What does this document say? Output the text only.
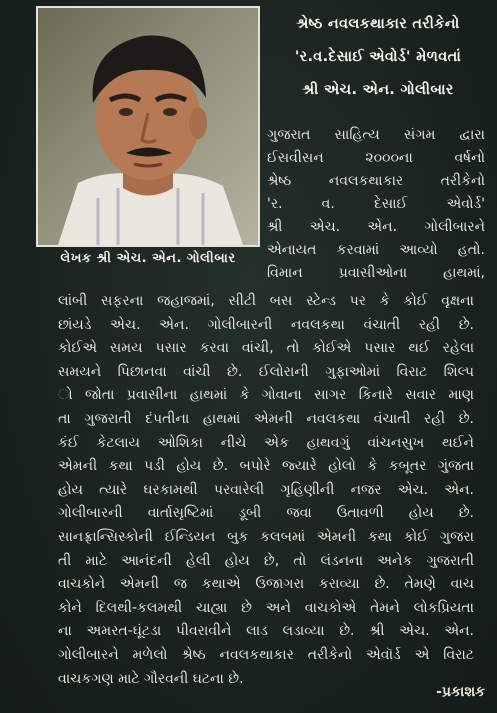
લેખક શ્રી એચ. એન. ગોલીબાર
શ્રેષ્ઠ નવલકથાકાર તરીકેનો
'ર.વ.દેસાઈ એવોર્ડ' મેળવતાં
શ્રી એચ. એન. ગોલીબાર
ગુજરાત સાહિત્ય સંગમ દ્વારા
ઈસવીસન ૨૦૦૦ના વર્ષનો
શ્રેષ્ઠ નવલકથાકાર તરીકેનો
'ર. વ. દેસાઈ એવોર્ડ'
શ્રી એચ. એન. ગોલીબારને
એનાયત કરવામાં આવ્યો હતો.
વિમાન પ્રવાસીઓના હાથમાં,
લાંબી સફરના જહાજમાં, સીટી બસ સ્ટેન્ડ પર કે કોઈ વૃક્ષના
છાંયડે એચ. એન. ગોલીબારની નવલકથા વંચાતી રહી છે.
કોઈએ સમય પસાર કરવા વાંચી, તો કોઈએ પસાર થઈ રહેલા
સમયને પિછાનવા વાંચી છે. ઈલોરાની ગુફાઓમાં વિરાટ શિલ્પ
ો જોતા પ્રવાસીના હાથમાં કે ગોવાના સાગર કિનારે સવાર માણ
તા ગુજરાતી દંપતીના હાથમાં એમની નવલકથા વંચાતી રહી છે.
કંઈ કેટલાય ઓશિકા નીચે એક હાથવગું વાંચનસુખ થઈને
એમની કથા પડી હોય છે. બપોરે જ્યારે હોલો કે કબૂતર ગુંજતા
હોય ત્યારે ઘરકામથી પરવારેલી ગૃહિણીની નજર એચ. એન.
ગોલીબારની વાર્તાસૃષ્ટિમાં ડૂબી જવા ઉતાવળી હોય છે.
સાનફ્રાન્સિસ્કોની ઈન્ડિયન બુક કલબમાં એમની કથા કોઈ ગુજરા
તી માટે આનંદની હેલી હોય છે, તો લંડનના અનેક ગુજરાતી
વાચકોને એમની જ કથાએ ઉજાગરા કરાવ્યા છે. તેમણે વાચ
કોને દિલથી-કલમથી ચાહ્યા છે અને વાચકોએ તેમને લોકપ્રિયતા
ના અમરત-ઘૂંટડા પીવરાવીને લાડ લડાવ્યા છે. શ્રી એચ. એન.
ગોલીબારને મળેલો શ્રેષ્ઠ નવલકથાકાર તરીકેનો એવૉર્ડ એ વિરાટ
વાચકગણ માટે ગૌરવની ઘટના છે.
-પ્રકાશક
